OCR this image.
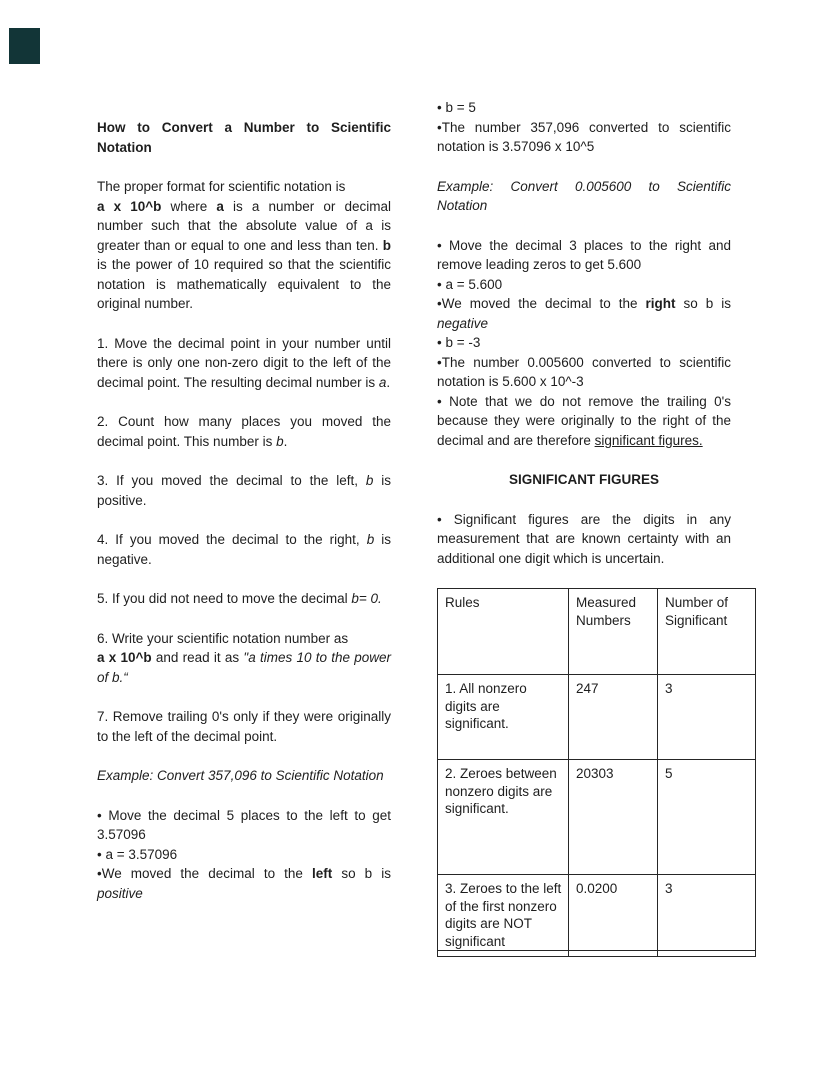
How to Convert a Number to Scientific Notation

The proper format for scientific notation is
a x 10^b where a is a number or decimal number such that the absolute value of a is greater than or equal to one and less than ten. b is the power of 10 required so that the scientific notation is mathematically equivalent to the original number.

1. Move the decimal point in your number until there is only one non-zero digit to the left of the decimal point. The resulting decimal number is a.

2. Count how many places you moved the decimal point. This number is b.

3. If you moved the decimal to the left, b is positive.

4. If you moved the decimal to the right, b is negative.

5. If you did not need to move the decimal b= 0.

6. Write your scientific notation number as
a x 10^b and read it as "a times 10 to the power of b.“

7. Remove trailing 0's only if they were originally to the left of the decimal point.

Example: Convert 357,096 to Scientific Notation

• Move the decimal 5 places to the left to get 3.57096

• a = 3.57096

•We moved the decimal to the left so b is positive

• b = 5

•The number 357,096 converted to scientific notation is 3.57096 x 10^5

Example: Convert 0.005600 to Scientific Notation

• Move the decimal 3 places to the right and remove leading zeros to get 5.600

• a = 5.600

•We moved the decimal to the right so b is negative

• b = -3

•The number 0.005600 converted to scientific notation is 5.600 x 10^-3

• Note that we do not remove the trailing 0's because they were originally to the right of the decimal and are therefore significant figures.

SIGNIFICANT FIGURES

• Significant figures are the digits in any measurement that are known certainty with an additional one digit which is uncertain.

Rules	Measured Numbers	Number of Significant
1. All nonzero digits are significant.	247	3
2. Zeroes between nonzero digits are significant.	20303	5
3. Zeroes to the left of the first nonzero digits are NOT significant	0.0200	3
